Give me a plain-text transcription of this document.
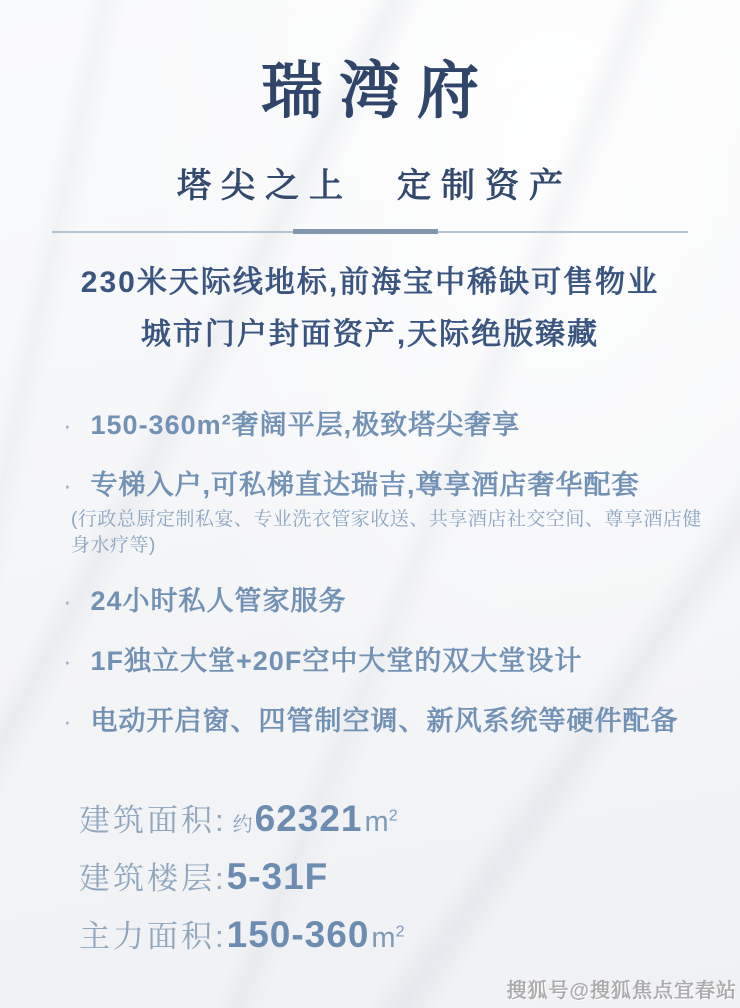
瑞湾府
塔尖之上　定制资产
230米天际线地标,前海宝中稀缺可售物业
城市门户封面资产,天际绝版臻藏
· 150-360m²奢阔平层,极致塔尖奢享
· 专梯入户,可私梯直达瑞吉,尊享酒店奢华配套
(行政总厨定制私宴、专业洗衣管家收送、共享酒店社交空间、尊享酒店健身水疗等)
· 24小时私人管家服务
· 1F独立大堂+20F空中大堂的双大堂设计
· 电动开启窗、四管制空调、新风系统等硬件配备
建筑面积: 约$62321m^2$
建筑楼层:5-31F
主力面积$:150-360m^2$
搜狐号@搜狐焦点宜春站
